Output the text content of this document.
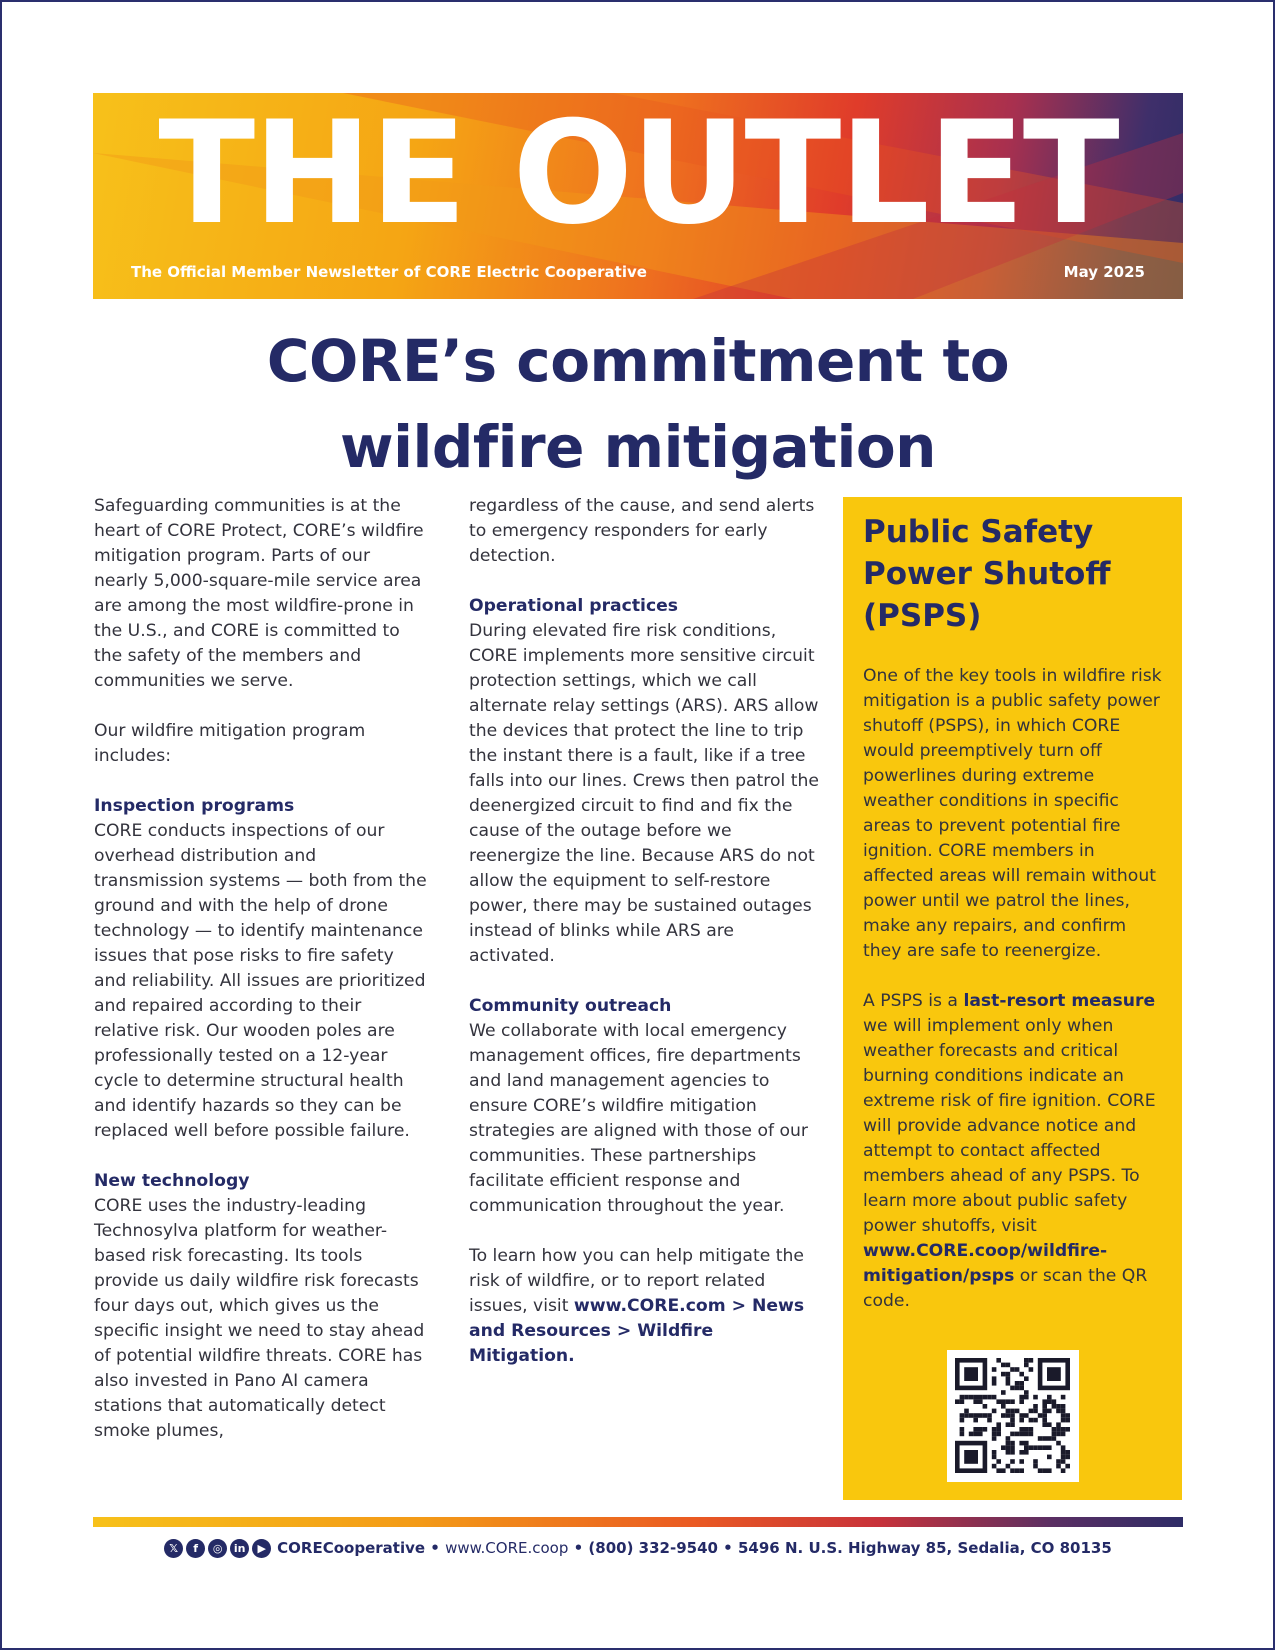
THE OUTLET
The Official Member Newsletter of CORE Electric Cooperative	May 2025
CORE’s commitment to
wildfire mitigation

Safeguarding communities is at the heart of CORE Protect, CORE’s wildfire mitigation program. Parts of our nearly 5,000-square-mile service area are among the most wildfire-prone in the U.S., and CORE is committed to the safety of the members and communities we serve.

Our wildfire mitigation program includes:

Inspection programs

CORE conducts inspections of our overhead distribution and transmission systems — both from the ground and with the help of drone technology — to identify maintenance issues that pose risks to fire safety and reliability. All issues are prioritized and repaired according to their relative risk. Our wooden poles are professionally tested on a 12-year cycle to determine structural health and identify hazards so they can be replaced well before possible failure.

New technology

CORE uses the industry-leading Technosylva platform for weather-based risk forecasting. Its tools provide us daily wildfire risk forecasts four days out, which gives us the specific insight we need to stay ahead of potential wildfire threats. CORE has also invested in Pano AI camera stations that automatically detect smoke plumes,

regardless of the cause, and send alerts to emergency responders for early detection.

Operational practices

During elevated fire risk conditions, CORE implements more sensitive circuit protection settings, which we call alternate relay settings (ARS). ARS allow the devices that protect the line to trip the instant there is a fault, like if a tree falls into our lines. Crews then patrol the deenergized circuit to find and fix the cause of the outage before we reenergize the line. Because ARS do not allow the equipment to self-restore power, there may be sustained outages instead of blinks while ARS are activated.

Community outreach

We collaborate with local emergency management offices, fire departments and land management agencies to ensure CORE’s wildfire mitigation strategies are aligned with those of our communities. These partnerships facilitate efficient response and communication throughout the year.

To learn how you can help mitigate the risk of wildfire, or to report related issues, visit www.CORE.com > News and Resources > Wildfire Mitigation.

Public Safety Power Shutoff (PSPS)

One of the key tools in wildfire risk mitigation is a public safety power shutoff (PSPS), in which CORE would preemptively turn off powerlines during extreme weather conditions in specific areas to prevent potential fire ignition. CORE members in affected areas will remain without power until we patrol the lines, make any repairs, and confirm they are safe to reenergize.

A PSPS is a last-resort measure we will implement only when weather forecasts and critical burning conditions indicate an extreme risk of fire ignition. CORE will provide advance notice and attempt to contact affected members ahead of any PSPS. To learn more about public safety power shutoffs, visit www.CORE.coop/wildfire-mitigation/psps or scan the QR code.

𝕏	f	◎	in	▶ CORECooperative • www.CORE.coop • (800) 332-9540 • 5496 N. U.S. Highway 85, Sedalia, CO 80135
